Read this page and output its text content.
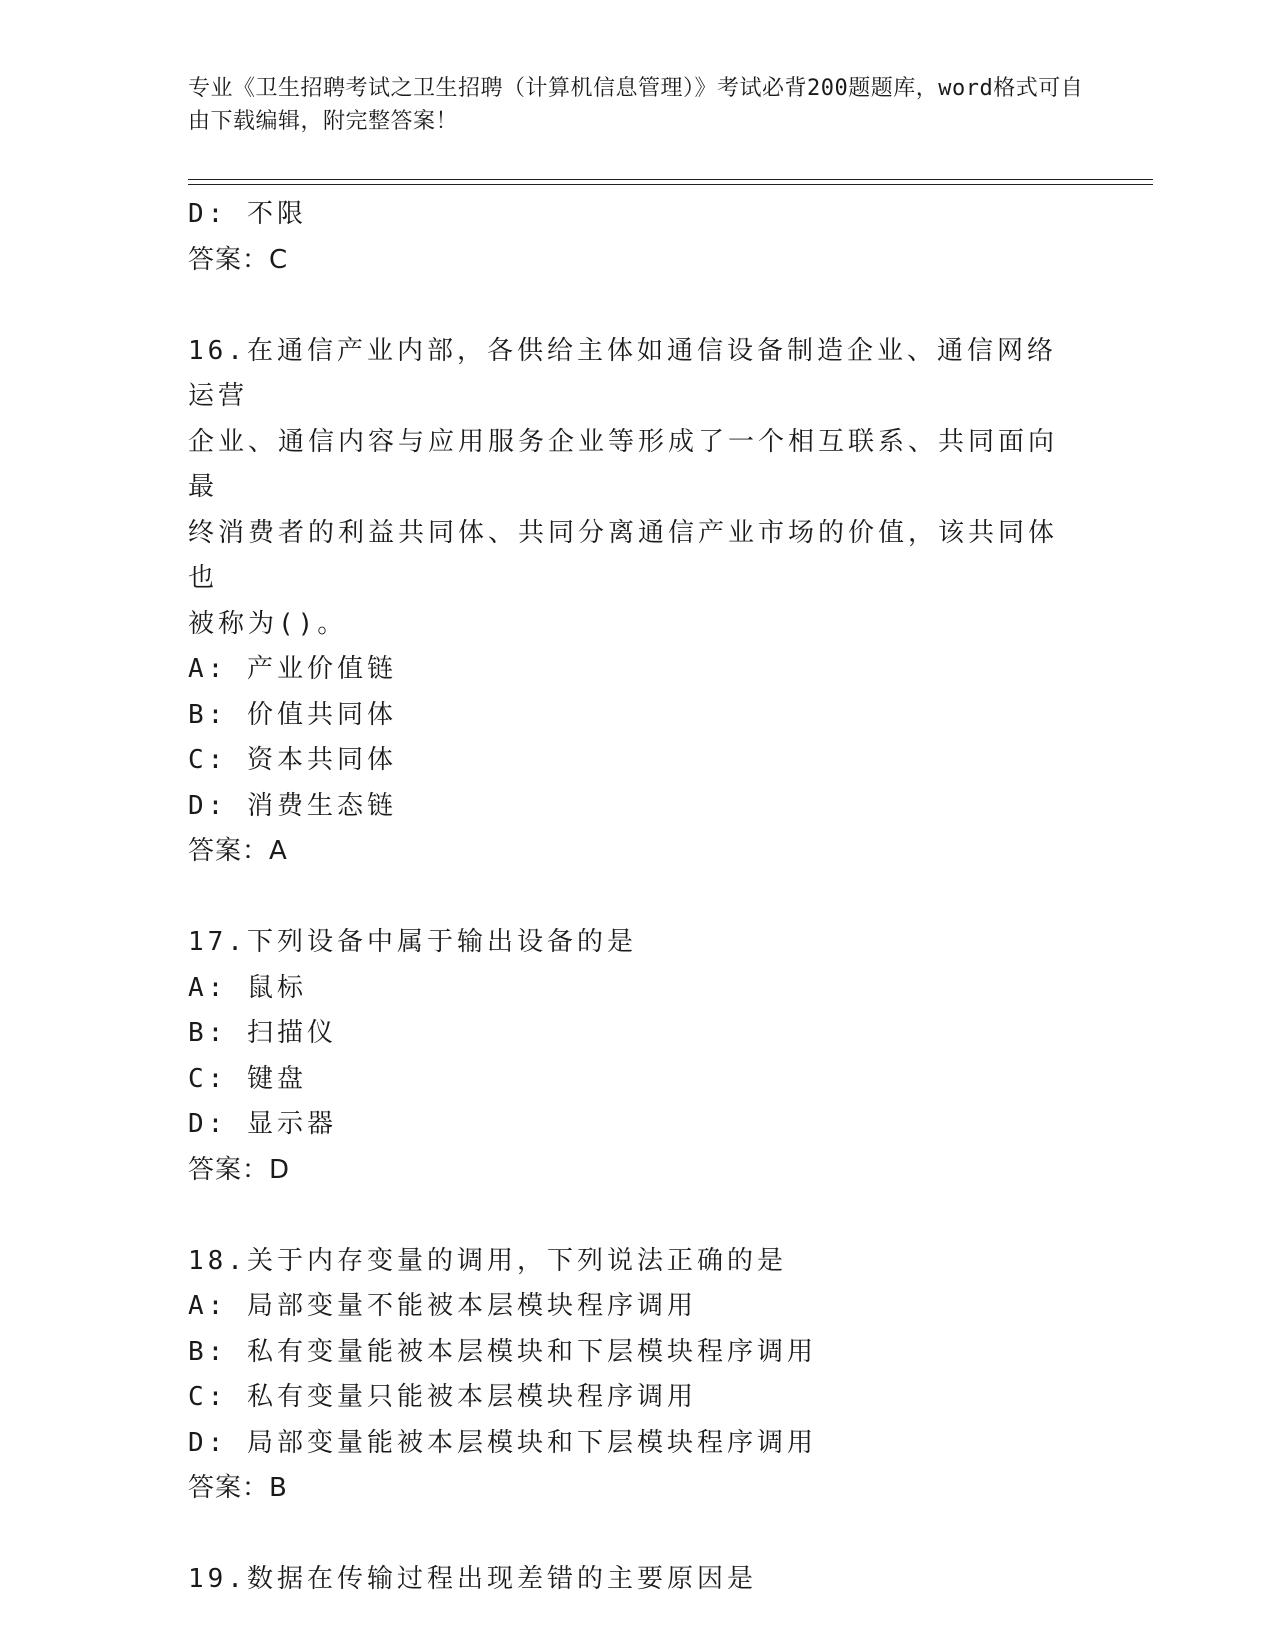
专业《卫生招聘考试之卫生招聘（计算机信息管理）》考试必背200题题库，word格式可自由下载编辑，附完整答案！
D: 不限
答案：C
16.在通信产业内部，各供给主体如通信设备制造企业、通信网络运营
企业、通信内容与应用服务企业等形成了一个相互联系、共同面向最
终消费者的利益共同体、共同分离通信产业市场的价值，该共同体也
被称为()。
A: 产业价值链
B: 价值共同体
C: 资本共同体
D: 消费生态链
答案：A
17.下列设备中属于输出设备的是
A: 鼠标
B: 扫描仪
C: 键盘
D: 显示器
答案：D
18.关于内存变量的调用，下列说法正确的是
A: 局部变量不能被本层模块程序调用
B: 私有变量能被本层模块和下层模块程序调用
C: 私有变量只能被本层模块程序调用
D: 局部变量能被本层模块和下层模块程序调用
答案：B
19.数据在传输过程出现差错的主要原因是
